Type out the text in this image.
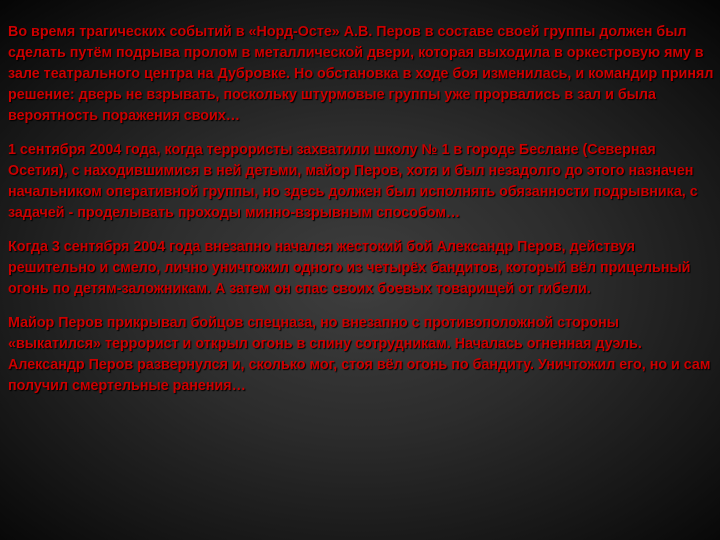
Во время трагических событий в «Норд-Осте» А.В. Перов в составе своей группы должен был сделать путём подрыва пролом в металлической двери, которая выходила в оркестровую яму в зале театрального центра на Дубровке. Но обстановка в ходе боя изменилась, и командир принял решение: дверь не взрывать, поскольку штурмовые группы уже прорвались в зал и была вероятность поражения своих…

1 сентября 2004 года, когда террористы захватили школу № 1 в городе Беслане (Северная Осетия), с находившимися в ней детьми, майор Перов, хотя и был незадолго до этого назначен начальником оперативной группы, но здесь должен был исполнять обязанности подрывника, с задачей - проделывать проходы минно-взрывным способом…

Когда 3 сентября 2004 года внезапно начался жестокий бой Александр Перов, действуя решительно и смело, лично уничтожил одного из четырёх бандитов, который вёл прицельный огонь по детям-заложникам. А затем он спас своих боевых товарищей от гибели.

Майор Перов прикрывал бойцов спецназа, но внезапно с противоположной стороны «выкатился» террорист и открыл огонь в спину сотрудникам. Началась огненная дуэль. Александр Перов развернулся и, сколько мог, стоя вёл огонь по бандиту. Уничтожил его, но и сам получил смертельные ранения…
